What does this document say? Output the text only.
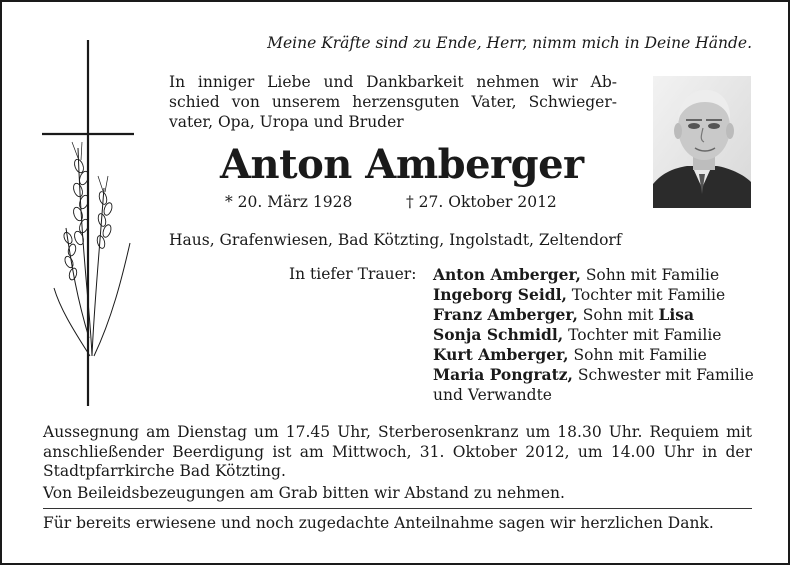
Meine Kräfte sind zu Ende, Herr, nimm mich in Deine Hände.
In inniger Liebe und Dankbarkeit nehmen wir Ab-
schied von unserem herzensguten Vater, Schwieger-
vater, Opa, Uropa und Bruder
Anton Amberger
* 20. März 1928	† 27. Oktober 2012
Haus, Grafenwiesen, Bad Kötzting, Ingolstadt, Zeltendorf
In tiefer Trauer: Anton Amberger, Sohn mit Familie
Ingeborg Seidl, Tochter mit Familie
Franz Amberger, Sohn mit Lisa
Sonja Schmidl, Tochter mit Familie
Kurt Amberger, Sohn mit Familie
Maria Pongratz, Schwester mit Familie
und Verwandte
Aussegnung am Dienstag um 17.45 Uhr, Sterberosenkranz um 18.30 Uhr. Requiem mit
anschließender Beerdigung ist am Mittwoch, 31. Oktober 2012, um 14.00 Uhr in der
Stadtpfarrkirche Bad Kötzting.
Von Beileidsbezeugungen am Grab bitten wir Abstand zu nehmen.
Für bereits erwiesene und noch zugedachte Anteilnahme sagen wir herzlichen Dank.
